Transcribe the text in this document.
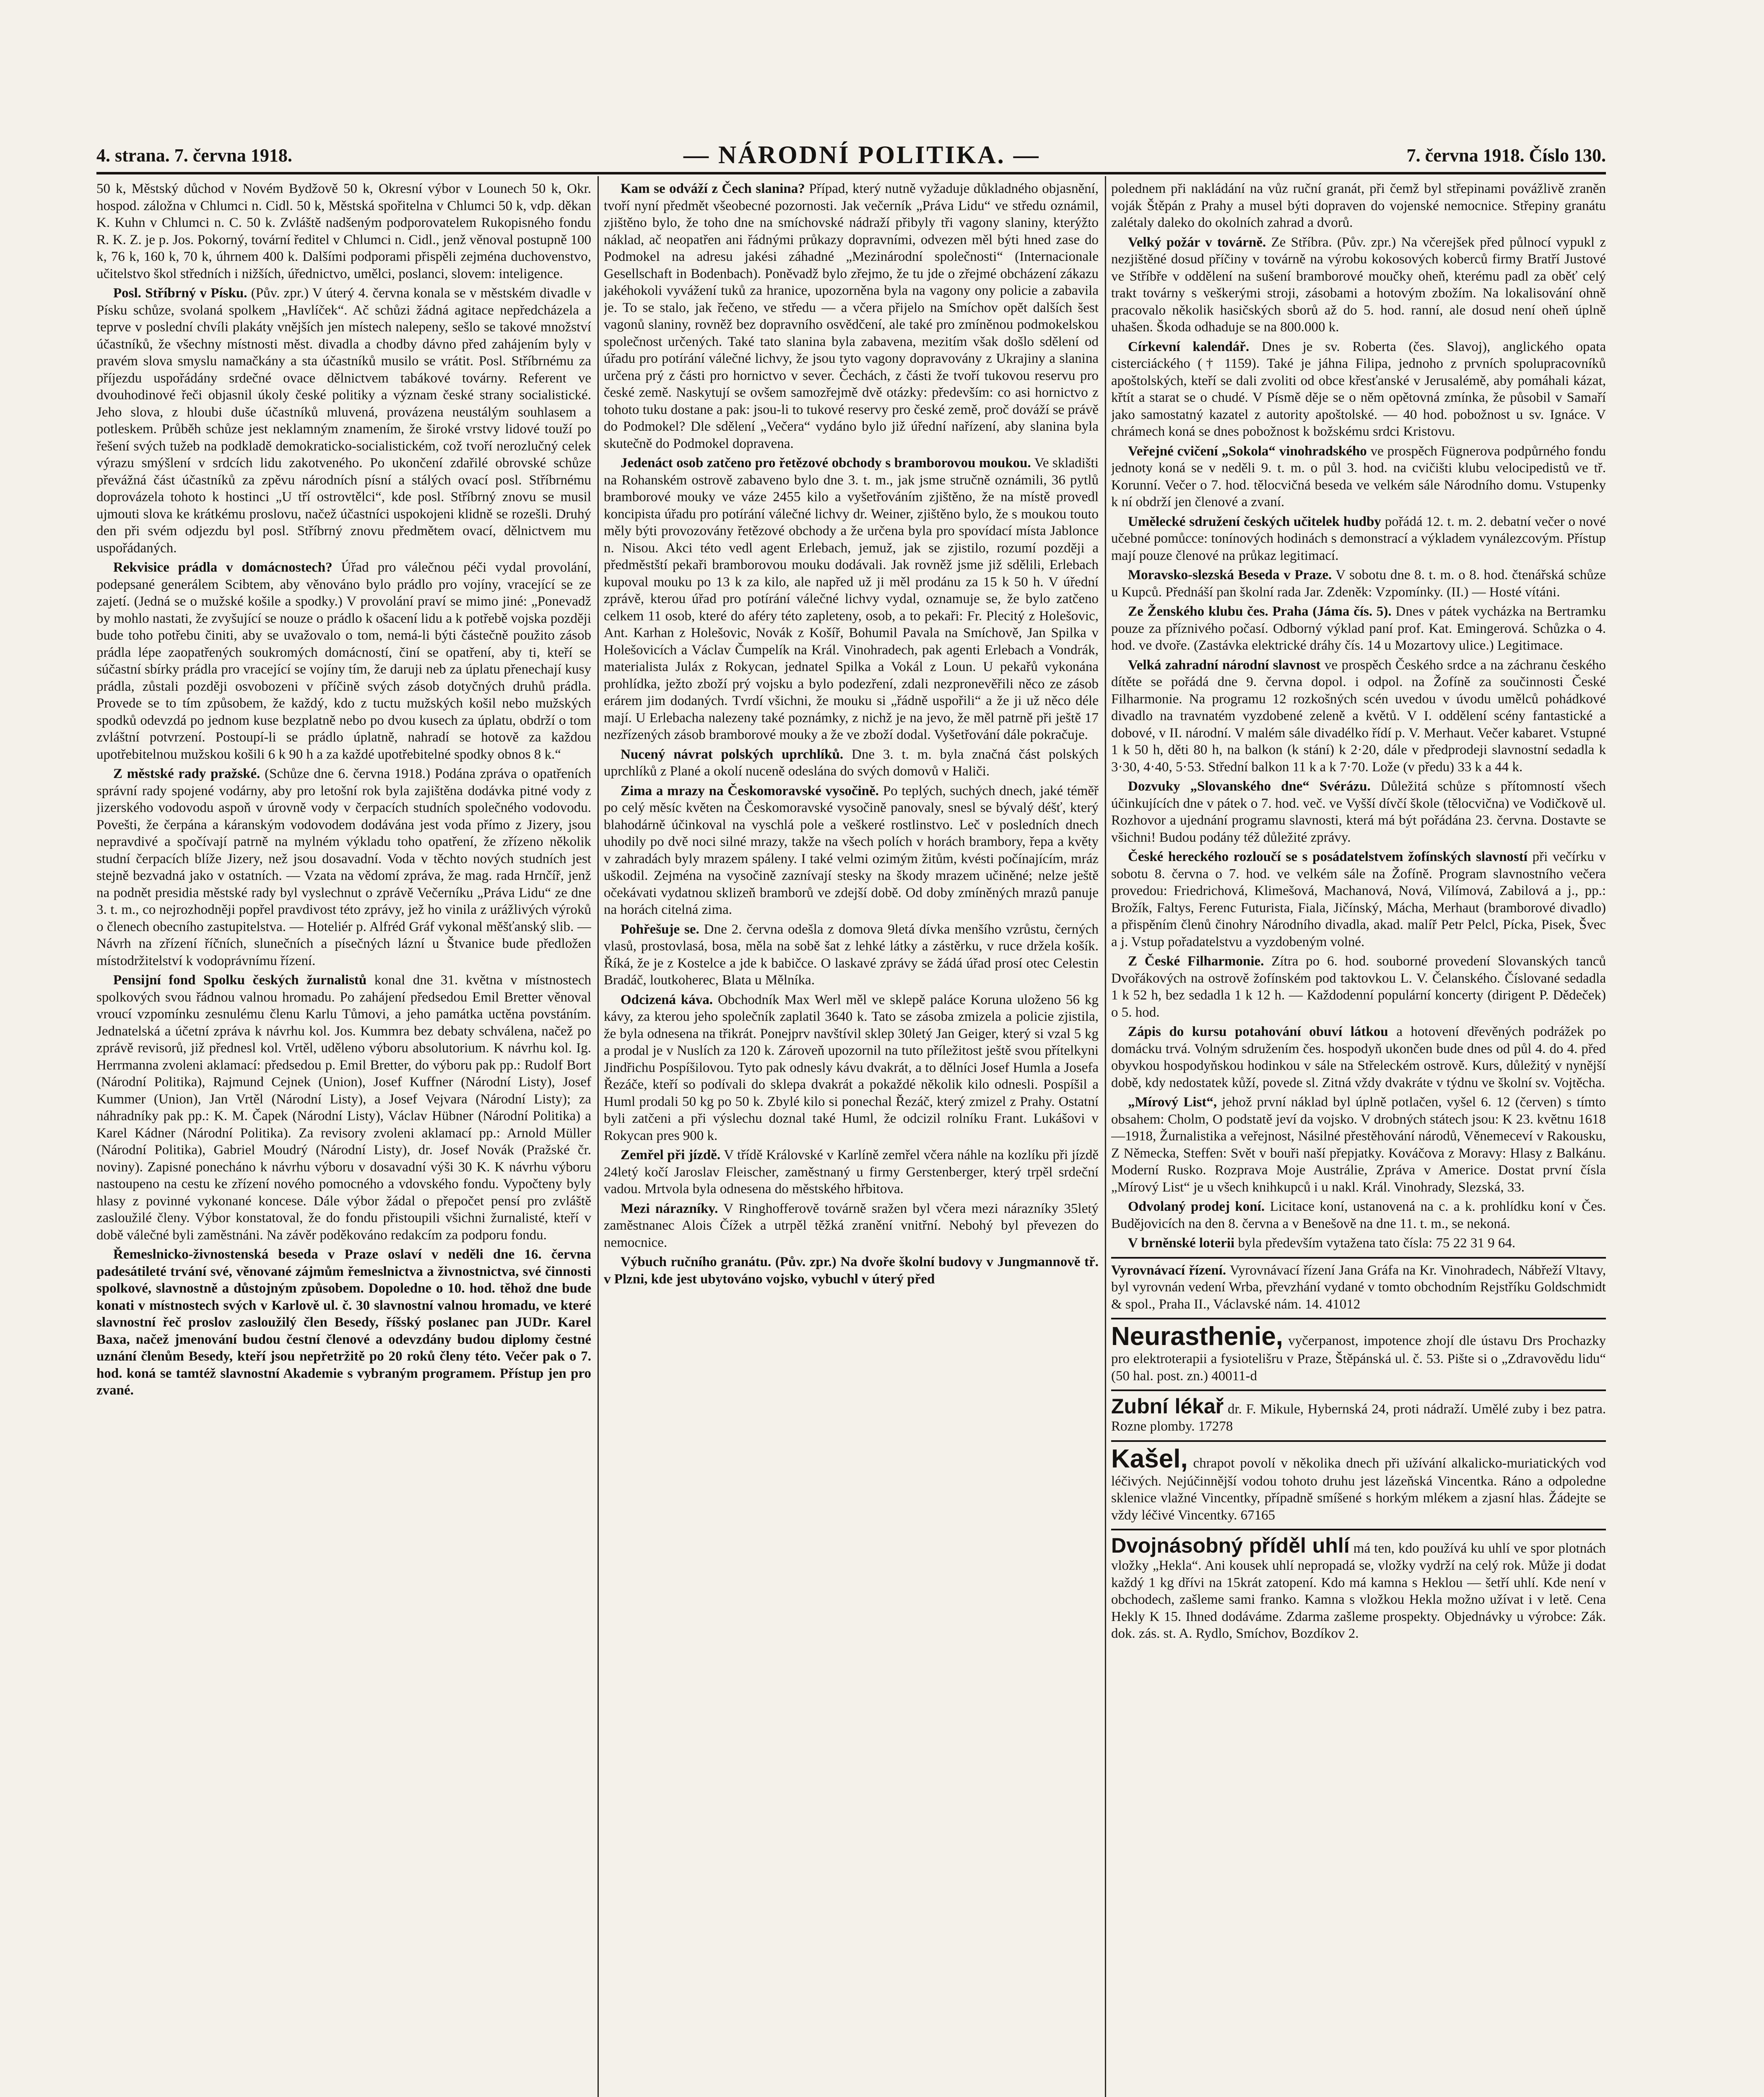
4. strana. 7. června 1918.	— NÁRODNÍ POLITIKA. —	7. června 1918. Číslo 130.

50 k, Městský důchod v Novém Bydžově 50 k, Okresní výbor v Lounech 50 k, Okr. hospod. záložna v Chlumci n. Cidl. 50 k, Městská spořitelna v Chlumci 50 k, vdp. děkan K. Kuhn v Chlumci n. C. 50 k. Zvláště nadšeným podporovatelem Rukopisného fondu R. K. Z. je p. Jos. Pokorný, tovární ředitel v Chlumci n. Cidl., jenž věnoval postupně 100 k, 76 k, 160 k, 70 k, úhrnem 400 k. Dalšími podporami přispěli zejména duchovenstvo, učitelstvo škol středních i nižších, úřednictvo, umělci, poslanci, slovem: inteligence.

Posl. Stříbrný v Písku. (Pův. zpr.) V úterý 4. června konala se v městském divadle v Písku schůze, svolaná spolkem „Havlíček“. Ač schůzi žádná agitace nepředcházela a teprve v poslední chvíli plakáty vnějších jen místech nalepeny, sešlo se takové množství účastníků, že všechny místnosti měst. divadla a chodby dávno před zahájením byly v pravém slova smyslu namačkány a sta účastníků musilo se vrátit. Posl. Stříbrnému za příjezdu uspořádány srdečné ovace dělnictvem tabákové továrny. Referent ve dvouhodinové řeči objasnil úkoly české politiky a význam české strany socialistické. Jeho slova, z hloubi duše účastníků mluvená, provázena neustálým souhlasem a potleskem. Průběh schůze jest neklamným znamením, že široké vrstvy lidové touží po řešení svých tužeb na podkladě demokraticko-socialistickém, což tvoří nerozlučný celek výrazu smýšlení v srdcích lidu zakotveného. Po ukončení zdařilé obrovské schůze převážná část účastníků za zpěvu národních písní a stálých ovací posl. Stříbrnému doprovázela tohoto k hostinci „U tří ostrovtělci“, kde posl. Stříbrný znovu se musil ujmouti slova ke krátkému proslovu, načež účastníci uspokojeni klidně se rozešli. Druhý den při svém odjezdu byl posl. Stříbrný znovu předmětem ovací, dělnictvem mu uspořádaných.

Rekvisice prádla v domácnostech? Úřad pro válečnou péči vydal provolání, podepsané generálem Scibtem, aby věnováno bylo prádlo pro vojíny, vracející se ze zajetí. (Jedná se o mužské košile a spodky.) V provolání praví se mimo jiné: „Ponevadž by mohlo nastati, že zvyšující se nouze o prádlo k ošacení lidu a k potřebě vojska později bude toho potřebu činiti, aby se uvažovalo o tom, nemá-li býti částečně použito zásob prádla lépe zaopatřených soukromých domácností, činí se opatření, aby ti, kteří se súčastní sbírky prádla pro vracející se vojíny tím, že daruji neb za úplatu přenechají kusy prádla, zůstali později osvobozeni v příčině svých zásob dotyčných druhů prádla. Provede se to tím způsobem, že každý, kdo z tuctu mužských košil nebo mužských spodků odevzdá po jednom kuse bezplatně nebo po dvou kusech za úplatu, obdrží o tom zvláštní potvrzení. Postoupí-li se prádlo úplatně, nahradí se hotově za každou upotřebitelnou mužskou košili 6 k 90 h a za každé upotřebitelné spodky obnos 8 k.“

Z městské rady pražské. (Schůze dne 6. června 1918.) Podána zpráva o opatřeních správní rady spojené vodárny, aby pro letošní rok byla zajištěna dodávka pitné vody z jizerského vodovodu aspoň v úrovně vody v čerpacích studních společného vodovodu. Povešti, že čerpána a káranským vodovodem dodávána jest voda přímo z Jizery, jsou nepravdivé a spočívají patrně na mylném výkladu toho opatření, že zřízeno několik studní čerpacích blíže Jizery, než jsou dosavadní. Voda v těchto nových studních jest stejně bezvadná jako v ostatních. — Vzata na vědomí zpráva, že mag. rada Hrnčíř, jenž na podnět presidia městské rady byl vyslechnut o zprávě Večerníku „Práva Lidu“ ze dne 3. t. m., co nejrozhodněji popřel pravdivost této zprávy, jež ho vinila z urážlivých výroků o členech obecního zastupitelstva. — Hoteliér p. Alfréd Gráf vykonal měšťanský slib. — Návrh na zřízení říčních, slunečních a písečných lázní u Štvanice bude předložen místodržitelství k vodoprávnímu řízení.

Pensijní fond Spolku českých žurnalistů konal dne 31. května v místnostech spolkových svou řádnou valnou hromadu. Po zahájení předsedou Emil Bretter věnoval vroucí vzpomínku zesnulému členu Karlu Tůmovi, a jeho památka uctěna povstáním. Jednatelská a účetní zpráva k návrhu kol. Jos. Kummra bez debaty schválena, načež po zprávě revisorů, již přednesl kol. Vrtěl, uděleno výboru absolutorium. K návrhu kol. Ig. Herrmanna zvoleni aklamací: předsedou p. Emil Bretter, do výboru pak pp.: Rudolf Bort (Národní Politika), Rajmund Cejnek (Union), Josef Kuffner (Národní Listy), Josef Kummer (Union), Jan Vrtěl (Národní Listy), a Josef Vejvara (Národní Listy); za náhradníky pak pp.: K. M. Čapek (Národní Listy), Václav Hübner (Národní Politika) a Karel Kádner (Národní Politika). Za revisory zvoleni aklamací pp.: Arnold Müller (Národní Politika), Gabriel Moudrý (Národní Listy), dr. Josef Novák (Pražské čr. noviny). Zapisné ponecháno k návrhu výboru v dosavadní výši 30 K. K návrhu výboru nastoupeno na cestu ke zřízení nového pomocného a vdovského fondu. Vypočteny byly hlasy z povinné vykonané koncese. Dále výbor žádal o přepočet pensí pro zvláště zasloužilé členy. Výbor konstatoval, že do fondu přistoupili všichni žurnalisté, kteří v době válečné byli zaměstnáni. Na závěr poděkováno redakcím za podporu fondu.

Řemeslnicko-živnostenská beseda v Praze oslaví v neděli dne 16. června padesátileté trvání své, věnované zájmům řemeslnictva a živnostnictva, své činnosti spolkové, slavnostně a důstojným způsobem. Dopoledne o 10. hod. těhož dne bude konati v místnostech svých v Karlově ul. č. 30 slavnostní valnou hromadu, ve které slavnostní řeč proslov zasloužilý člen Besedy, říšský poslanec pan JUDr. Karel Baxa, načež jmenování budou čestní členové a odevzdány budou diplomy čestné uznání členům Besedy, kteří jsou nepřetržitě po 20 roků členy této. Večer pak o 7. hod. koná se tamtéž slavnostní Akademie s vybraným programem. Přístup jen pro zvané.

Kam se odváží z Čech slanina? Případ, který nutně vyžaduje důkladného objasnění, tvoří nyní předmět všeobecné pozornosti. Jak večerník „Práva Lidu“ ve středu oznámil, zjištěno bylo, že toho dne na smíchovské nádraží přibyly tři vagony slaniny, kterýžto náklad, ač neopatřen ani řádnými průkazy dopravními, odvezen měl býti hned zase do Podmokel na adresu jakési záhadné „Mezinárodní společnosti“ (Internacionale Gesellschaft in Bodenbach). Poněvadž bylo zřejmo, že tu jde o zřejmé obcházení zákazu jakéhokoli vyvážení tuků za hranice, upozorněna byla na vagony ony policie a zabavila je. To se stalo, jak řečeno, ve středu — a včera přijelo na Smíchov opět dalších šest vagonů slaniny, rovněž bez dopravního osvědčení, ale také pro zmíněnou podmokelskou společnost určených. Také tato slanina byla zabavena, mezitím však došlo sdělení od úřadu pro potírání válečné lichvy, že jsou tyto vagony dopravovány z Ukrajiny a slanina určena prý z části pro hornictvo v sever. Čechách, z části že tvoří tukovou reservu pro české země. Naskytují se ovšem samozřejmě dvě otázky: především: co asi hornictvo z tohoto tuku dostane a pak: jsou-li to tukové reservy pro české země, proč dováží se právě do Podmokel? Dle sdělení „Večera“ vydáno bylo již úřední nařízení, aby slanina byla skutečně do Podmokel dopravena.

Jedenáct osob zatčeno pro řetězové obchody s bramborovou moukou. Ve skladišti na Rohanském ostrově zabaveno bylo dne 3. t. m., jak jsme stručně oznámili, 36 pytlů bramborové mouky ve váze 2455 kilo a vyšetřováním zjištěno, že na místě provedl koncipista úřadu pro potírání válečné lichvy dr. Weiner, zjištěno bylo, že s moukou touto měly býti provozovány řetězové obchody a že určena byla pro spovídací místa Jablonce n. Nisou. Akci této vedl agent Erlebach, jemuž, jak se zjistilo, rozumí později a předměstští pekaři bramborovou mouku dodávali. Jak rovněž jsme již sdělili, Erlebach kupoval mouku po 13 k za kilo, ale napřed už ji měl prodánu za 15 k 50 h. V úřední zprávě, kterou úřad pro potírání válečné lichvy vydal, oznamuje se, že bylo zatčeno celkem 11 osob, které do aféry této zapleteny, osob, a to pekaři: Fr. Plecitý z Holešovic, Ant. Karhan z Holešovic, Novák z Košíř, Bohumil Pavala na Smíchově, Jan Spilka v Holešovicích a Václav Čumpelík na Král. Vinohradech, pak agenti Erlebach a Vondrák, materialista Juláx z Rokycan, jednatel Spilka a Vokál z Loun. U pekařů vykonána prohlídka, ježto zboží prý vojsku a bylo podezření, zdali nezpronevěřili něco ze zásob erárem jim dodaných. Tvrdí všichni, že mouku si „řádně uspořili“ a že ji už něco déle mají. U Erlebacha nalezeny také poznámky, z nichž je na jevo, že měl patrně při ještě 17 nezřízených zásob bramborové mouky a že ve zboží dodal. Vyšetřování dále pokračuje.

Nucený návrat polských uprchlíků. Dne 3. t. m. byla značná část polských uprchlíků z Plané a okolí nuceně odeslána do svých domovů v Haliči.

Zima a mrazy na Českomoravské vysočině. Po teplých, suchých dnech, jaké téměř po celý měsíc květen na Českomoravské vysočině panovaly, snesl se bývalý déšť, který blahodárně účinkoval na vyschlá pole a veškeré rostlinstvo. Leč v posledních dnech uhodily po dvě noci silné mrazy, takže na všech polích v horách brambory, řepa a květy v zahradách byly mrazem spáleny. I také velmi ozimým žitům, kvésti počínajícím, mráz uškodil. Zejména na vysočině zaznívají stesky na škody mrazem učiněné; nelze ještě očekávati vydatnou sklizeň bramborů ve zdejší době. Od doby zmíněných mrazů panuje na horách citelná zima.

Pohřešuje se. Dne 2. června odešla z domova 9letá dívka menšího vzrůstu, černých vlasů, prostovlasá, bosa, měla na sobě šat z lehké látky a zástěrku, v ruce držela košík. Říká, že je z Kostelce a jde k babičce. O laskavé zprávy se žádá úřad prosí otec Celestin Bradáč, loutkoherec, Blata u Mělníka.

Odcizená káva. Obchodník Max Werl měl ve sklepě paláce Koruna uloženo 56 kg kávy, za kterou jeho společník zaplatil 3640 k. Tato se zásoba zmizela a policie zjistila, že byla odnesena na třikrát. Ponejprv navštívil sklep 30letý Jan Geiger, který si vzal 5 kg a prodal je v Nuslích za 120 k. Zároveň upozornil na tuto příležitost ještě svou přítelkyni Jindřichu Pospíšilovou. Tyto pak odnesly kávu dvakrát, a to dělníci Josef Humla a Josefa Řezáče, kteří so podívali do sklepa dvakrát a pokaždé několik kilo odnesli. Pospíšil a Huml prodali 50 kg po 50 k. Zbylé kilo si ponechal Řezáč, který zmizel z Prahy. Ostatní byli zatčeni a při výslechu doznal také Huml, že odcizil rolníku Frant. Lukášovi v Rokycan pres 900 k.

Zemřel při jízdě. V třídě Královské v Karlíně zemřel včera náhle na kozlíku při jízdě 24letý kočí Jaroslav Fleischer, zaměstnaný u firmy Gerstenberger, který trpěl srdeční vadou. Mrtvola byla odnesena do městského hřbitova.

Mezi nárazníky. V Ringhofferově továrně sražen byl včera mezi nárazníky 35letý zaměstnanec Alois Čížek a utrpěl těžká zranění vnitřní. Nebohý byl převezen do nemocnice.

Výbuch ručního granátu. (Pův. zpr.) Na dvoře školní budovy v Jungmannově tř. v Plzni, kde jest ubytováno vojsko, vybuchl v úterý před

polednem při nakládání na vůz ruční granát, při čemž byl střepinami povážlivě zraněn voják Štěpán z Prahy a musel býti dopraven do vojenské nemocnice. Střepiny granátu zalétaly daleko do okolních zahrad a dvorů.

Velký požár v továrně. Ze Stříbra. (Pův. zpr.) Na včerejšek před půlnocí vypukl z nezjištěné dosud příčiny v továrně na výrobu kokosových koberců firmy Bratří Justové ve Stříbře v oddělení na sušení bramborové moučky oheň, kterému padl za oběť celý trakt továrny s veškerými stroji, zásobami a hotovým zbožím. Na lokalisování ohně pracovalo několik hasičských sborů až do 5. hod. ranní, ale dosud není oheň úplně uhašen. Škoda odhaduje se na 800.000 k.

Církevní kalendář. Dnes je sv. Roberta (čes. Slavoj), anglického opata cisterciáckého († 1159). Také je jáhna Filipa, jednoho z prvních spolupracovníků apoštolských, kteří se dali zvoliti od obce křesťanské v Jerusalémě, aby pomáhali kázat, křtít a starat se o chudé. V Písmě děje se o něm opětovná zmínka, že působil v Samaří jako samostatný kazatel z autority apoštolské. — 40 hod. pobožnost u sv. Ignáce. V chrámech koná se dnes pobožnost k božskému srdci Kristovu.

Veřejné cvičení „Sokola“ vinohradského ve prospěch Fügnerova podpůrného fondu jednoty koná se v neděli 9. t. m. o půl 3. hod. na cvičišti klubu velocipedistů ve tř. Korunní. Večer o 7. hod. tělocvičná beseda ve velkém sále Národního domu. Vstupenky k ní obdrží jen členové a zvaní.

Umělecké sdružení českých učitelek hudby pořádá 12. t. m. 2. debatní večer o nové učebné pomůcce: tonínových hodinách s demonstrací a výkladem vynálezcovým. Přístup mají pouze členové na průkaz legitimací.

Moravsko-slezská Beseda v Praze. V sobotu dne 8. t. m. o 8. hod. čtenářská schůze u Kupců. Přednáší pan školní rada Jar. Zdeněk: Vzpomínky. (II.) — Hosté vítáni.

Ze Ženského klubu čes. Praha (Jáma čís. 5). Dnes v pátek vycházka na Bertramku pouze za příznivého počasí. Odborný výklad paní prof. Kat. Emingerová. Schůzka o 4. hod. ve dvoře. (Zastávka elektrické dráhy čís. 14 u Mozartovy ulice.) Legitimace.

Velká zahradní národní slavnost ve prospěch Českého srdce a na záchranu českého dítěte se pořádá dne 9. června dopol. i odpol. na Žofíně za součinnosti České Filharmonie. Na programu 12 rozkošných scén uvedou v úvodu umělců pohádkové divadlo na travnatém vyzdobené zeleně a květů. V I. oddělení scény fantastické a dobové, v II. národní. V malém sále divadélko řídí p. V. Merhaut. Večer kabaret. Vstupné 1 k 50 h, děti 80 h, na balkon (k stání) k 2·20, dále v předprodeji slavnostní sedadla k 3·30, 4·40, 5·53. Střední balkon 11 k a k 7·70. Lože (v předu) 33 k a 44 k.

Dozvuky „Slovanského dne“ Svérázu. Důležitá schůze s přítomností všech účinkujících dne v pátek o 7. hod. več. ve Vyšší dívčí škole (tělocvična) ve Vodičkově ul. Rozhovor a ujednání programu slavnosti, která má být pořádána 23. června. Dostavte se všichni! Budou podány též důležité zprávy.

České hereckého rozloučí se s posádatelstvem žofínských slavností při večírku v sobotu 8. června o 7. hod. ve velkém sále na Žofíně. Program slavnostního večera provedou: Friedrichová, Klimešová, Machanová, Nová, Vilímová, Zabilová a j., pp.: Brožík, Faltys, Ferenc Futurista, Fiala, Jičínský, Mácha, Merhaut (bramborové divadlo) a přispěním členů činohry Národního divadla, akad. malíř Petr Pelcl, Pícka, Pisek, Švec a j. Vstup pořadatelstvu a vyzdobeným volné.

Z České Filharmonie. Zítra po 6. hod. souborné provedení Slovanských tanců Dvořákových na ostrově žofínském pod taktovkou L. V. Čelanského. Číslované sedadla 1 k 52 h, bez sedadla 1 k 12 h. — Každodenní populární koncerty (dirigent P. Dědeček) o 5. hod.

Zápis do kursu potahování obuví látkou a hotovení dřevěných podrážek po domácku trvá. Volným sdružením čes. hospodyň ukončen bude dnes od půl 4. do 4. před obyvkou hospodyňskou hodinkou v sále na Střeleckém ostrově. Kurs, důležitý v nynější době, kdy nedostatek kůží, povede sl. Zitná vždy dvakráte v týdnu ve školní sv. Vojtěcha.

„Mírový List“, jehož první náklad byl úplně potlačen, vyšel 6. 12 (červen) s tímto obsahem: Cholm, O podstatě jeví da vojsko. V drobných státech jsou: K 23. květnu 1618—1918, Žurnalistika a veřejnost, Násilné přestěhování národů, Věnemeceví v Rakousku, Z Německa, Steffen: Svět v bouři naší přepjatky. Kováčova z Moravy: Hlasy z Balkánu. Moderní Rusko. Rozprava Moje Austrálie, Zpráva v Americe. Dostat první čísla „Mírový List“ je u všech knihkupců i u nakl. Král. Vinohrady, Slezská, 33.

Odvolaný prodej koní. Licitace koní, ustanovená na c. a k. prohlídku koní v Čes. Budějovicích na den 8. června a v Benešově na dne 11. t. m., se nekoná.

V brněnské loterii byla především vytažena tato čísla: 75 22 31 9 64.

Vyrovnávací řízení. Vyrovnávací řízení Jana Gráfa na Kr. Vinohradech, Nábřeží Vltavy, byl vyrovnán vedení Wrba, převzhání vydané v tomto obchodním Rejstříku Goldschmidt & spol., Praha II., Václavské nám. 14. 41012

Neurasthenie, vyčerpanost, impotence zhojí dle ústavu Drs Prochazky pro elektroterapii a fysiotelišru v Praze, Štěpánská ul. č. 53. Pište si o „Zdravovědu lidu“ (50 hal. post. zn.) 40011-d

Zubní lékař dr. F. Mikule, Hybernská 24, proti nádraží. Umělé zuby i bez patra. Rozne plomby. 17278

Kašel, chrapot povolí v několika dnech při užívání alkalicko-muriatických vod léčivých. Nejúčinnější vodou tohoto druhu jest lázeňská Vincentka. Ráno a odpoledne sklenice vlažné Vincentky, případně smíšené s horkým mlékem a zjasní hlas. Žádejte se vždy léčivé Vincentky. 67165

Dvojnásobný příděl uhlí má ten, kdo používá ku uhlí ve spor plotnách vložky „Hekla“. Ani kousek uhlí nepropadá se, vložky vydrží na celý rok. Může ji dodat každý 1 kg dřívi na 15krát zatopení. Kdo má kamna s Heklou — šetří uhlí. Kde není v obchodech, zašleme sami franko. Kamna s vložkou Hekla možno užívat i v letě. Cena Hekly K 15. Ihned dodáváme. Zdarma zašleme prospekty. Objednávky u výrobce: Zák. dok. zás. st. A. Rydlo, Smíchov, Bozdíkov 2.
